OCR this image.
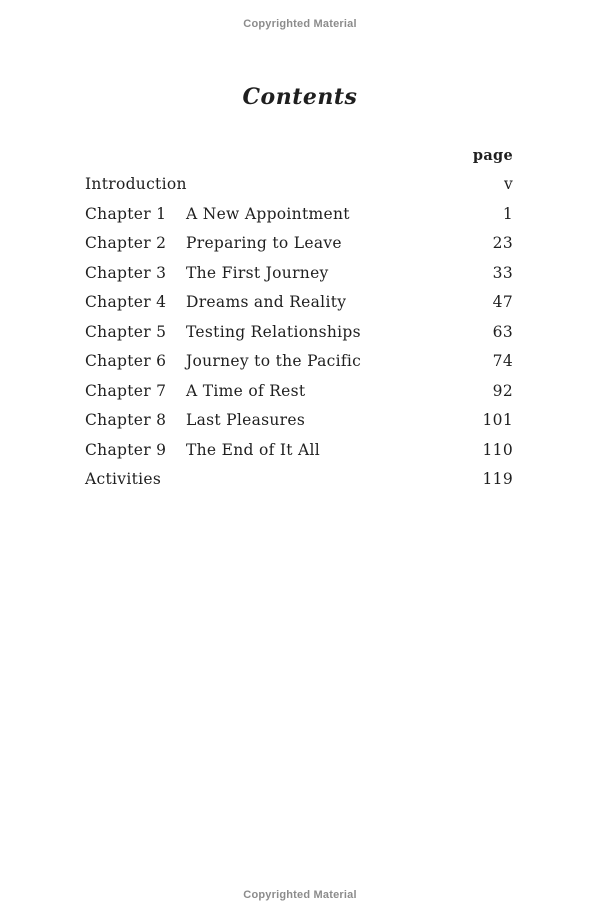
Copyrighted Material
Contents
page
Introduction	v
Chapter 1	A New Appointment	1
Chapter 2	Preparing to Leave	23
Chapter 3	The First Journey	33
Chapter 4	Dreams and Reality	47
Chapter 5	Testing Relationships	63
Chapter 6	Journey to the Pacific	74
Chapter 7	A Time of Rest	92
Chapter 8	Last Pleasures	101
Chapter 9	The End of It All	110
Activities	119
Copyrighted Material
